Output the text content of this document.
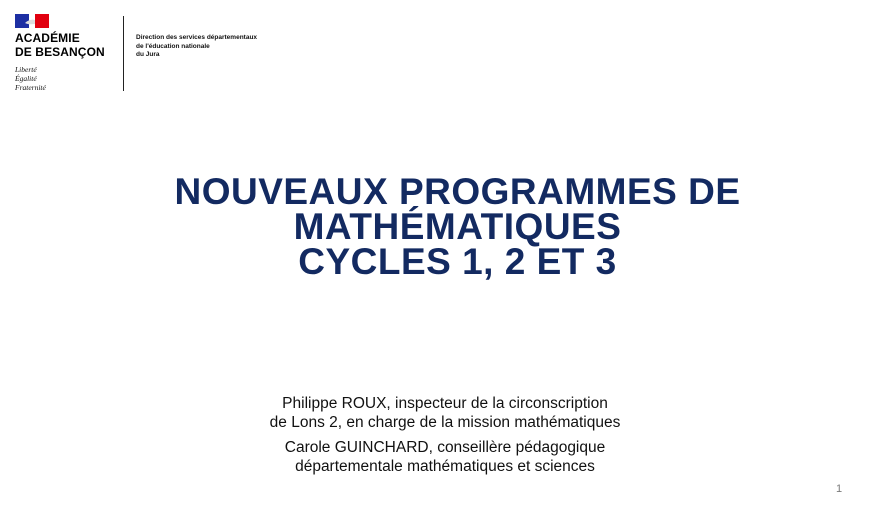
ACADÉMIE
DE BESANÇON
Liberté
Égalité
Fraternité
Direction des services départementaux
de l'éducation nationale
du Jura
NOUVEAUX PROGRAMMES DE
MATHÉMATIQUES
CYCLES 1, 2 ET 3

Philippe ROUX, inspecteur de la circonscription
de Lons 2, en charge de la mission mathématiques

Carole GUINCHARD, conseillère pédagogique
départementale mathématiques et sciences

1
